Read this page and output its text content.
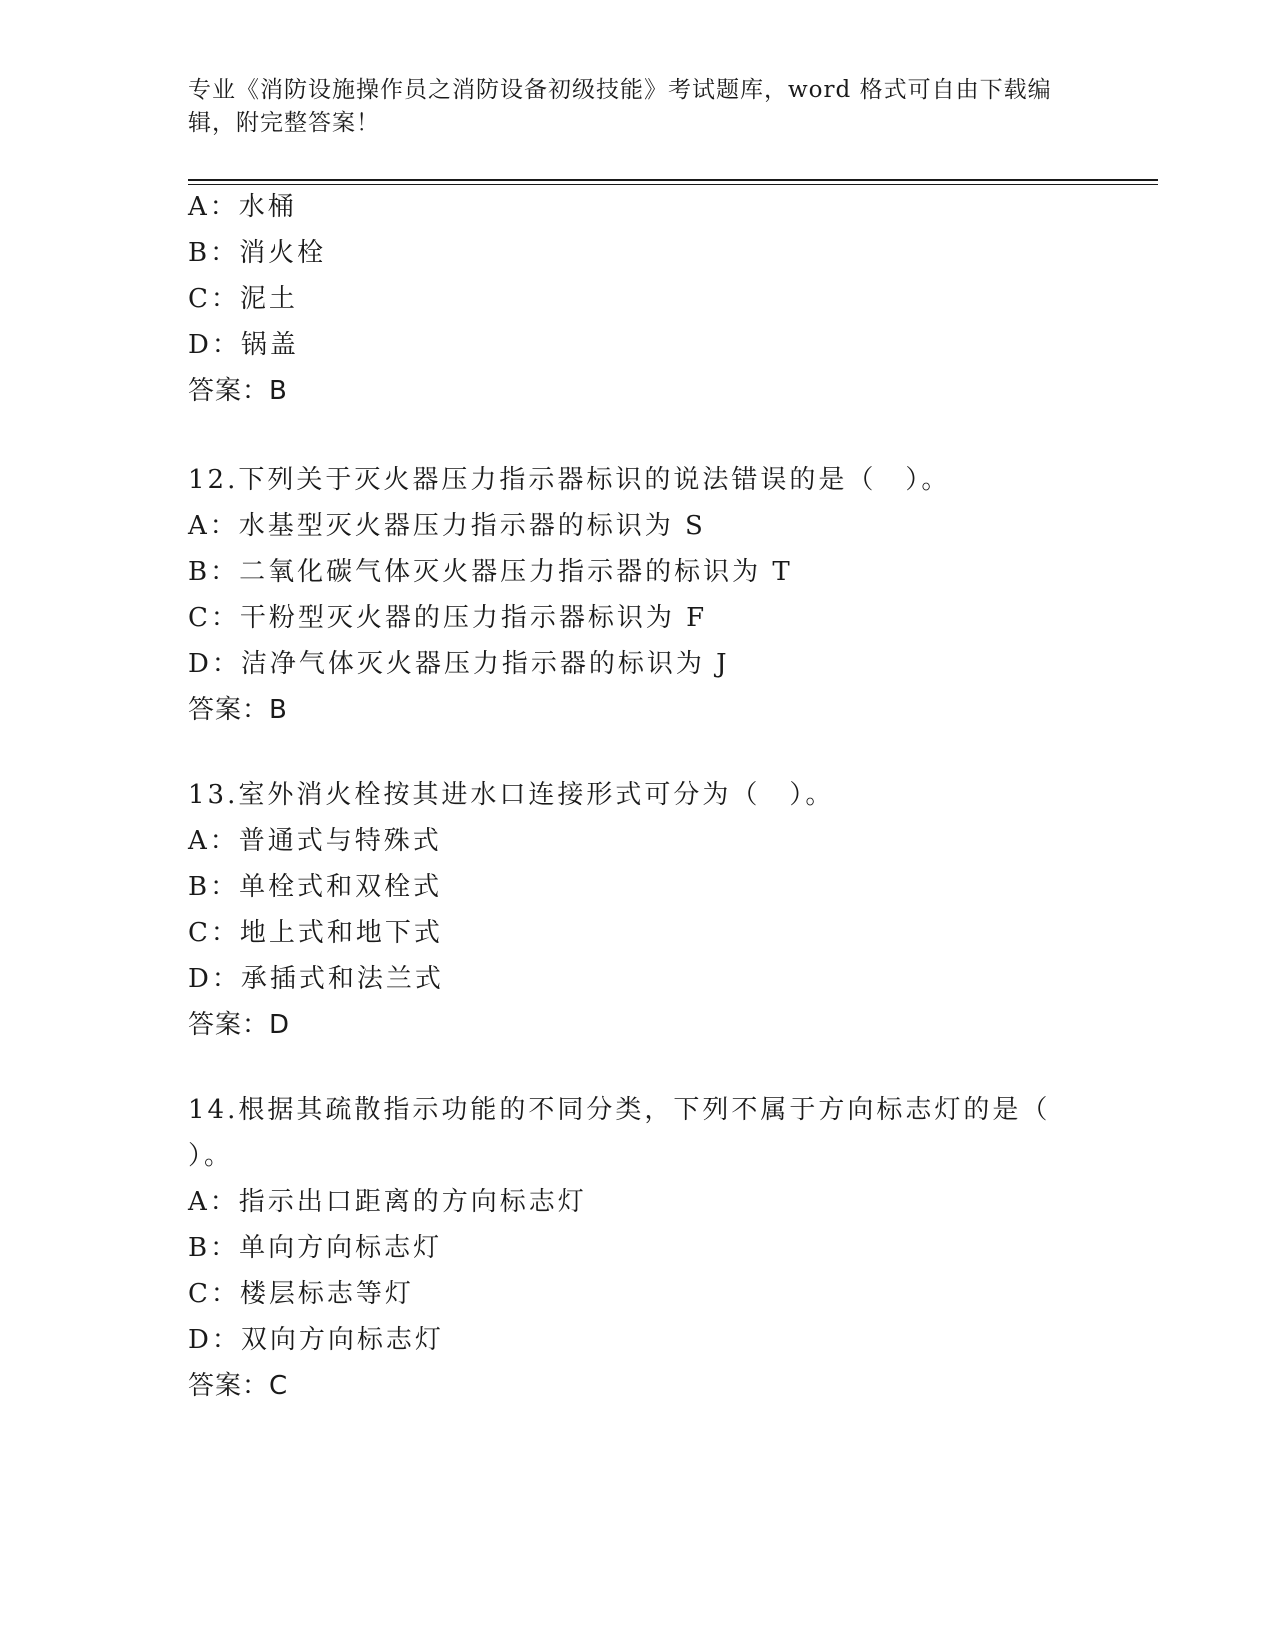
专业《消防设施操作员之消防设备初级技能》考试题库，word 格式可自由下载编辑，附完整答案！
A：水桶
B：消火栓
C：泥土
D：锅盖
答案：B
12.下列关于灭火器压力指示器标识的说法错误的是（　）。
A：水基型灭火器压力指示器的标识为 S
B：二氧化碳气体灭火器压力指示器的标识为 T
C：干粉型灭火器的压力指示器标识为 F
D：洁净气体灭火器压力指示器的标识为 J
答案：B
13.室外消火栓按其进水口连接形式可分为（　）。
A：普通式与特殊式
B：单栓式和双栓式
C：地上式和地下式
D：承插式和法兰式
答案：D
14.根据其疏散指示功能的不同分类，下列不属于方向标志灯的是（
）。
A：指示出口距离的方向标志灯
B：单向方向标志灯
C：楼层标志等灯
D：双向方向标志灯
答案：C
